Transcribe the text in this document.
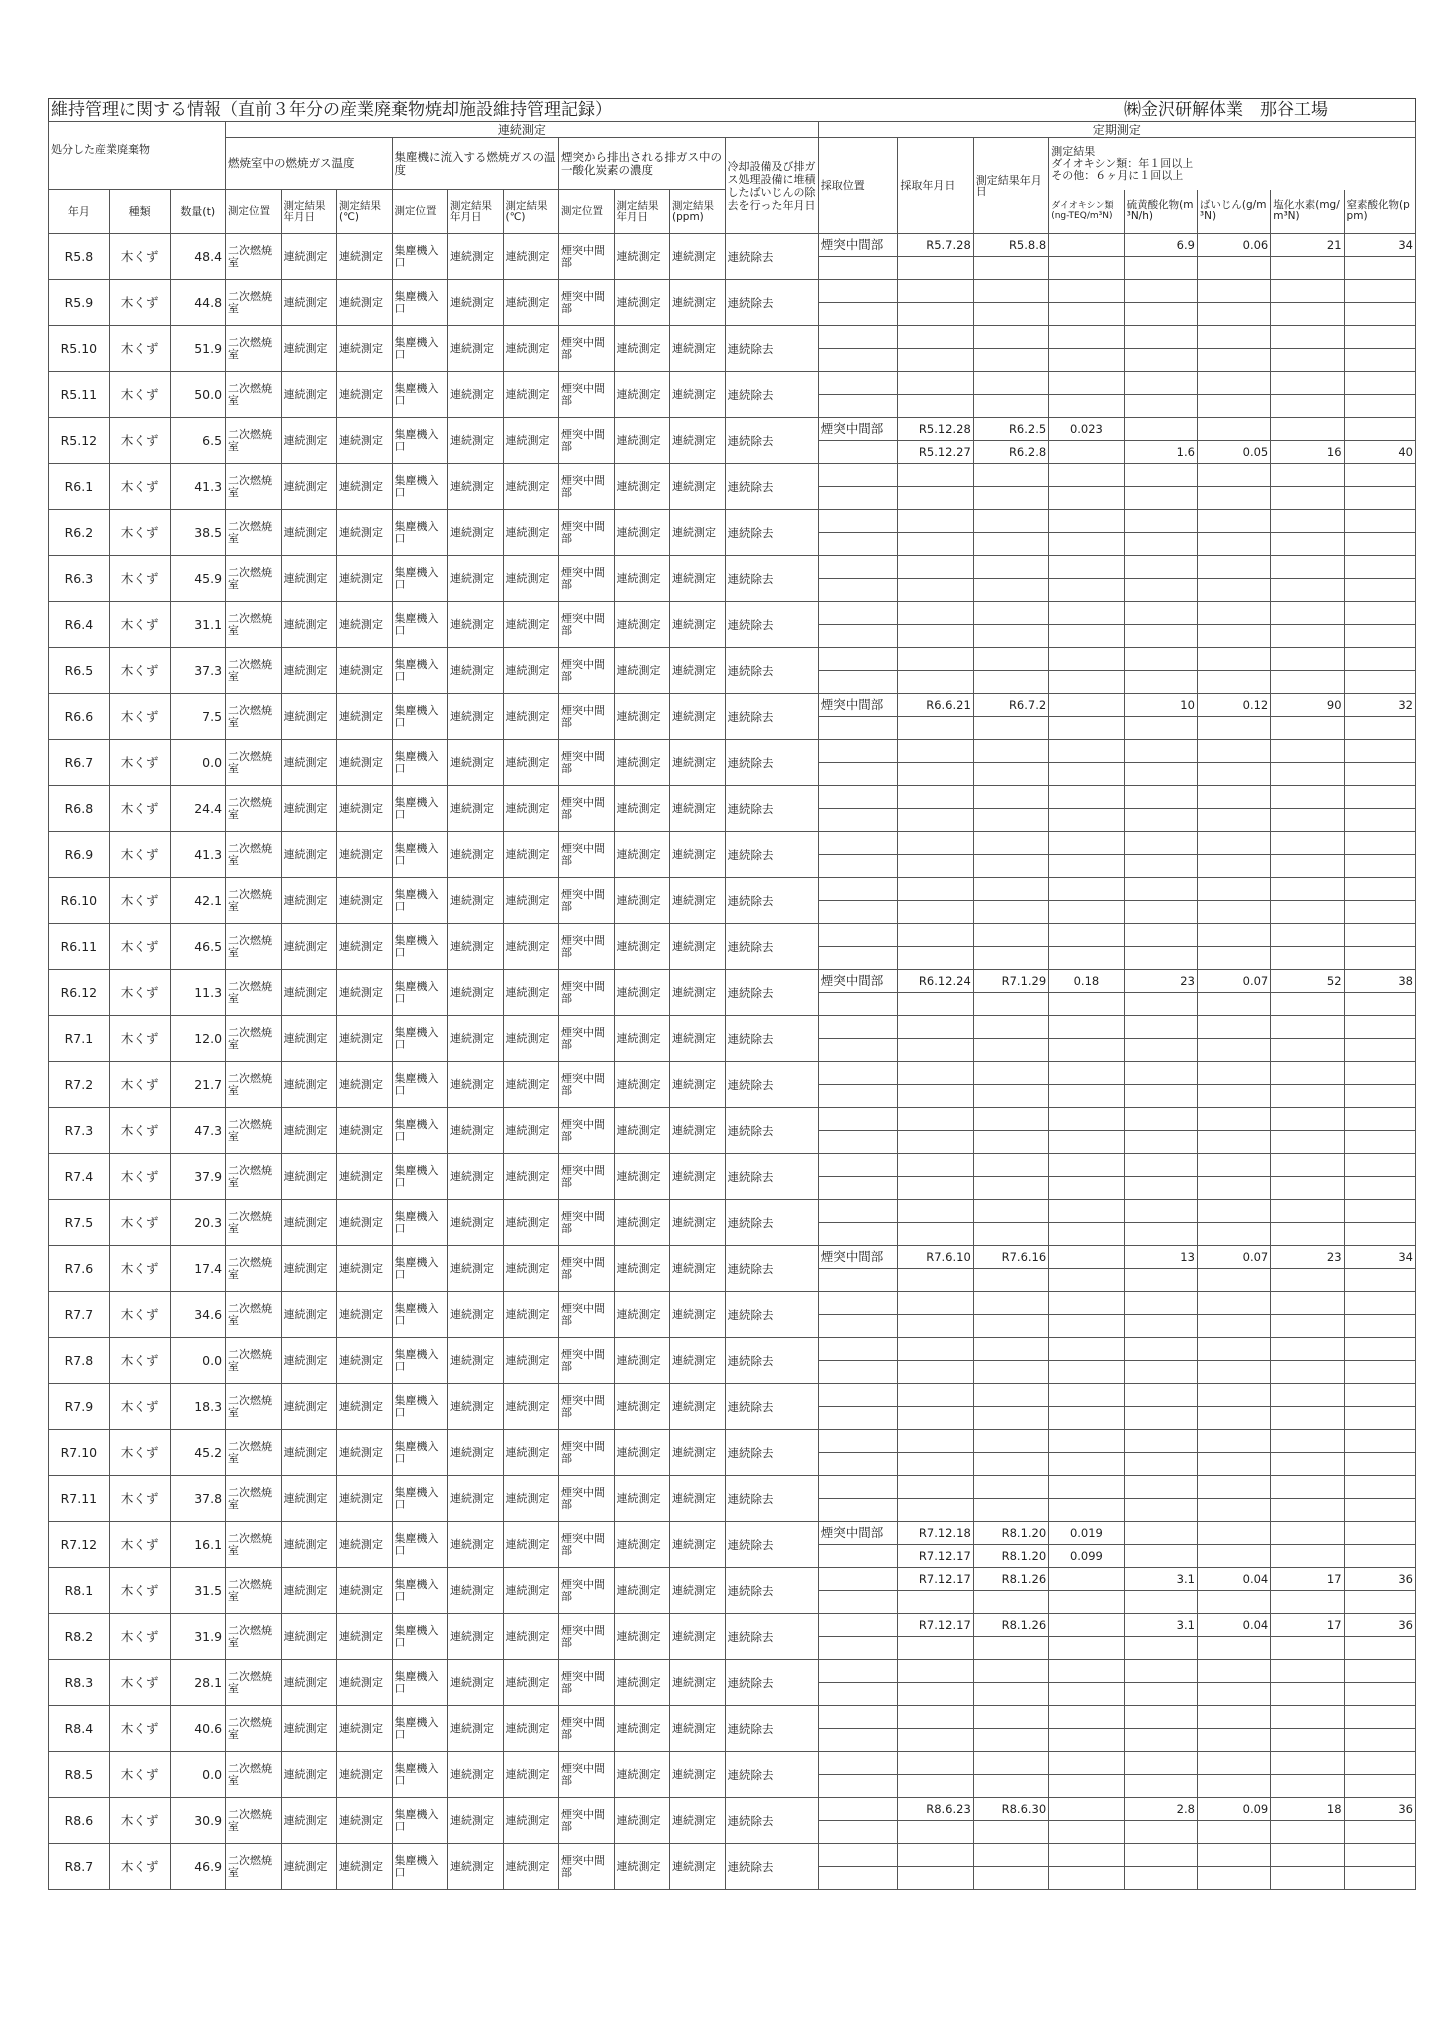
維持管理に関する情報（直前３年分の産業廃棄物焼却施設維持管理記録）	㈱金沢研解体業　那谷工場
			連続測定										定期測定							
処分した産業廃棄物			燃焼室中の燃焼ガス温度			集塵機に流入する燃焼ガスの温度			煙突から排出される排ガス中の一酸化炭素の濃度			冷却設備及び排ガス処理設備に堆積したばいじんの除去を行った年月日	採取位置	採取年月日	測定結果年月日	測定結果
ダイオキシン類：年１回以上
その他：６ヶ月に１回以上				
年月	種類	数量(t)	測定位置	測定結果年月日	測定結果(℃)	測定位置	測定結果年月日	測定結果(℃)	測定位置	測定結果年月日	測定結果(ppm)					ダイオキシン類(ng-TEQ/m³N)	硫黄酸化物(m³N/h)	ばいじん(g/m³N)	塩化水素(mg/m³N)	窒素酸化物(ppm)
R5.8	木くず	48.4	二次燃焼室	連続測定	連続測定	集塵機入口	連続測定	連続測定	煙突中間部	連続測定	連続測定	連続除去	煙突中間部	R5.7.28	R5.8.8		6.9	0.06	21	34

R5.9	木くず	44.8	二次燃焼室	連続測定	連続測定	集塵機入口	連続測定	連続測定	煙突中間部	連続測定	連続測定	連続除去								

R5.10	木くず	51.9	二次燃焼室	連続測定	連続測定	集塵機入口	連続測定	連続測定	煙突中間部	連続測定	連続測定	連続除去								

R5.11	木くず	50.0	二次燃焼室	連続測定	連続測定	集塵機入口	連続測定	連続測定	煙突中間部	連続測定	連続測定	連続除去								

R5.12	木くず	6.5	二次燃焼室	連続測定	連続測定	集塵機入口	連続測定	連続測定	煙突中間部	連続測定	連続測定	連続除去	煙突中間部	R5.12.28	R6.2.5	0.023				
														R5.12.27	R6.2.8		1.6	0.05	16	40
R6.1	木くず	41.3	二次燃焼室	連続測定	連続測定	集塵機入口	連続測定	連続測定	煙突中間部	連続測定	連続測定	連続除去								

R6.2	木くず	38.5	二次燃焼室	連続測定	連続測定	集塵機入口	連続測定	連続測定	煙突中間部	連続測定	連続測定	連続除去								

R6.3	木くず	45.9	二次燃焼室	連続測定	連続測定	集塵機入口	連続測定	連続測定	煙突中間部	連続測定	連続測定	連続除去								

R6.4	木くず	31.1	二次燃焼室	連続測定	連続測定	集塵機入口	連続測定	連続測定	煙突中間部	連続測定	連続測定	連続除去								

R6.5	木くず	37.3	二次燃焼室	連続測定	連続測定	集塵機入口	連続測定	連続測定	煙突中間部	連続測定	連続測定	連続除去								

R6.6	木くず	7.5	二次燃焼室	連続測定	連続測定	集塵機入口	連続測定	連続測定	煙突中間部	連続測定	連続測定	連続除去	煙突中間部	R6.6.21	R6.7.2		10	0.12	90	32

R6.7	木くず	0.0	二次燃焼室	連続測定	連続測定	集塵機入口	連続測定	連続測定	煙突中間部	連続測定	連続測定	連続除去								

R6.8	木くず	24.4	二次燃焼室	連続測定	連続測定	集塵機入口	連続測定	連続測定	煙突中間部	連続測定	連続測定	連続除去								

R6.9	木くず	41.3	二次燃焼室	連続測定	連続測定	集塵機入口	連続測定	連続測定	煙突中間部	連続測定	連続測定	連続除去								

R6.10	木くず	42.1	二次燃焼室	連続測定	連続測定	集塵機入口	連続測定	連続測定	煙突中間部	連続測定	連続測定	連続除去								

R6.11	木くず	46.5	二次燃焼室	連続測定	連続測定	集塵機入口	連続測定	連続測定	煙突中間部	連続測定	連続測定	連続除去								

R6.12	木くず	11.3	二次燃焼室	連続測定	連続測定	集塵機入口	連続測定	連続測定	煙突中間部	連続測定	連続測定	連続除去	煙突中間部	R6.12.24	R7.1.29	0.18	23	0.07	52	38

R7.1	木くず	12.0	二次燃焼室	連続測定	連続測定	集塵機入口	連続測定	連続測定	煙突中間部	連続測定	連続測定	連続除去								

R7.2	木くず	21.7	二次燃焼室	連続測定	連続測定	集塵機入口	連続測定	連続測定	煙突中間部	連続測定	連続測定	連続除去								

R7.3	木くず	47.3	二次燃焼室	連続測定	連続測定	集塵機入口	連続測定	連続測定	煙突中間部	連続測定	連続測定	連続除去								

R7.4	木くず	37.9	二次燃焼室	連続測定	連続測定	集塵機入口	連続測定	連続測定	煙突中間部	連続測定	連続測定	連続除去								

R7.5	木くず	20.3	二次燃焼室	連続測定	連続測定	集塵機入口	連続測定	連続測定	煙突中間部	連続測定	連続測定	連続除去								

R7.6	木くず	17.4	二次燃焼室	連続測定	連続測定	集塵機入口	連続測定	連続測定	煙突中間部	連続測定	連続測定	連続除去	煙突中間部	R7.6.10	R7.6.16		13	0.07	23	34

R7.7	木くず	34.6	二次燃焼室	連続測定	連続測定	集塵機入口	連続測定	連続測定	煙突中間部	連続測定	連続測定	連続除去								

R7.8	木くず	0.0	二次燃焼室	連続測定	連続測定	集塵機入口	連続測定	連続測定	煙突中間部	連続測定	連続測定	連続除去								

R7.9	木くず	18.3	二次燃焼室	連続測定	連続測定	集塵機入口	連続測定	連続測定	煙突中間部	連続測定	連続測定	連続除去								

R7.10	木くず	45.2	二次燃焼室	連続測定	連続測定	集塵機入口	連続測定	連続測定	煙突中間部	連続測定	連続測定	連続除去								

R7.11	木くず	37.8	二次燃焼室	連続測定	連続測定	集塵機入口	連続測定	連続測定	煙突中間部	連続測定	連続測定	連続除去								

R7.12	木くず	16.1	二次燃焼室	連続測定	連続測定	集塵機入口	連続測定	連続測定	煙突中間部	連続測定	連続測定	連続除去	煙突中間部	R7.12.18	R8.1.20	0.019				
														R7.12.17	R8.1.20	0.099				
R8.1	木くず	31.5	二次燃焼室	連続測定	連続測定	集塵機入口	連続測定	連続測定	煙突中間部	連続測定	連続測定	連続除去		R7.12.17	R8.1.26		3.1	0.04	17	36

R8.2	木くず	31.9	二次燃焼室	連続測定	連続測定	集塵機入口	連続測定	連続測定	煙突中間部	連続測定	連続測定	連続除去		R7.12.17	R8.1.26		3.1	0.04	17	36

R8.3	木くず	28.1	二次燃焼室	連続測定	連続測定	集塵機入口	連続測定	連続測定	煙突中間部	連続測定	連続測定	連続除去								

R8.4	木くず	40.6	二次燃焼室	連続測定	連続測定	集塵機入口	連続測定	連続測定	煙突中間部	連続測定	連続測定	連続除去								

R8.5	木くず	0.0	二次燃焼室	連続測定	連続測定	集塵機入口	連続測定	連続測定	煙突中間部	連続測定	連続測定	連続除去								

R8.6	木くず	30.9	二次燃焼室	連続測定	連続測定	集塵機入口	連続測定	連続測定	煙突中間部	連続測定	連続測定	連続除去		R8.6.23	R8.6.30		2.8	0.09	18	36

R8.7	木くず	46.9	二次燃焼室	連続測定	連続測定	集塵機入口	連続測定	連続測定	煙突中間部	連続測定	連続測定	連続除去								
